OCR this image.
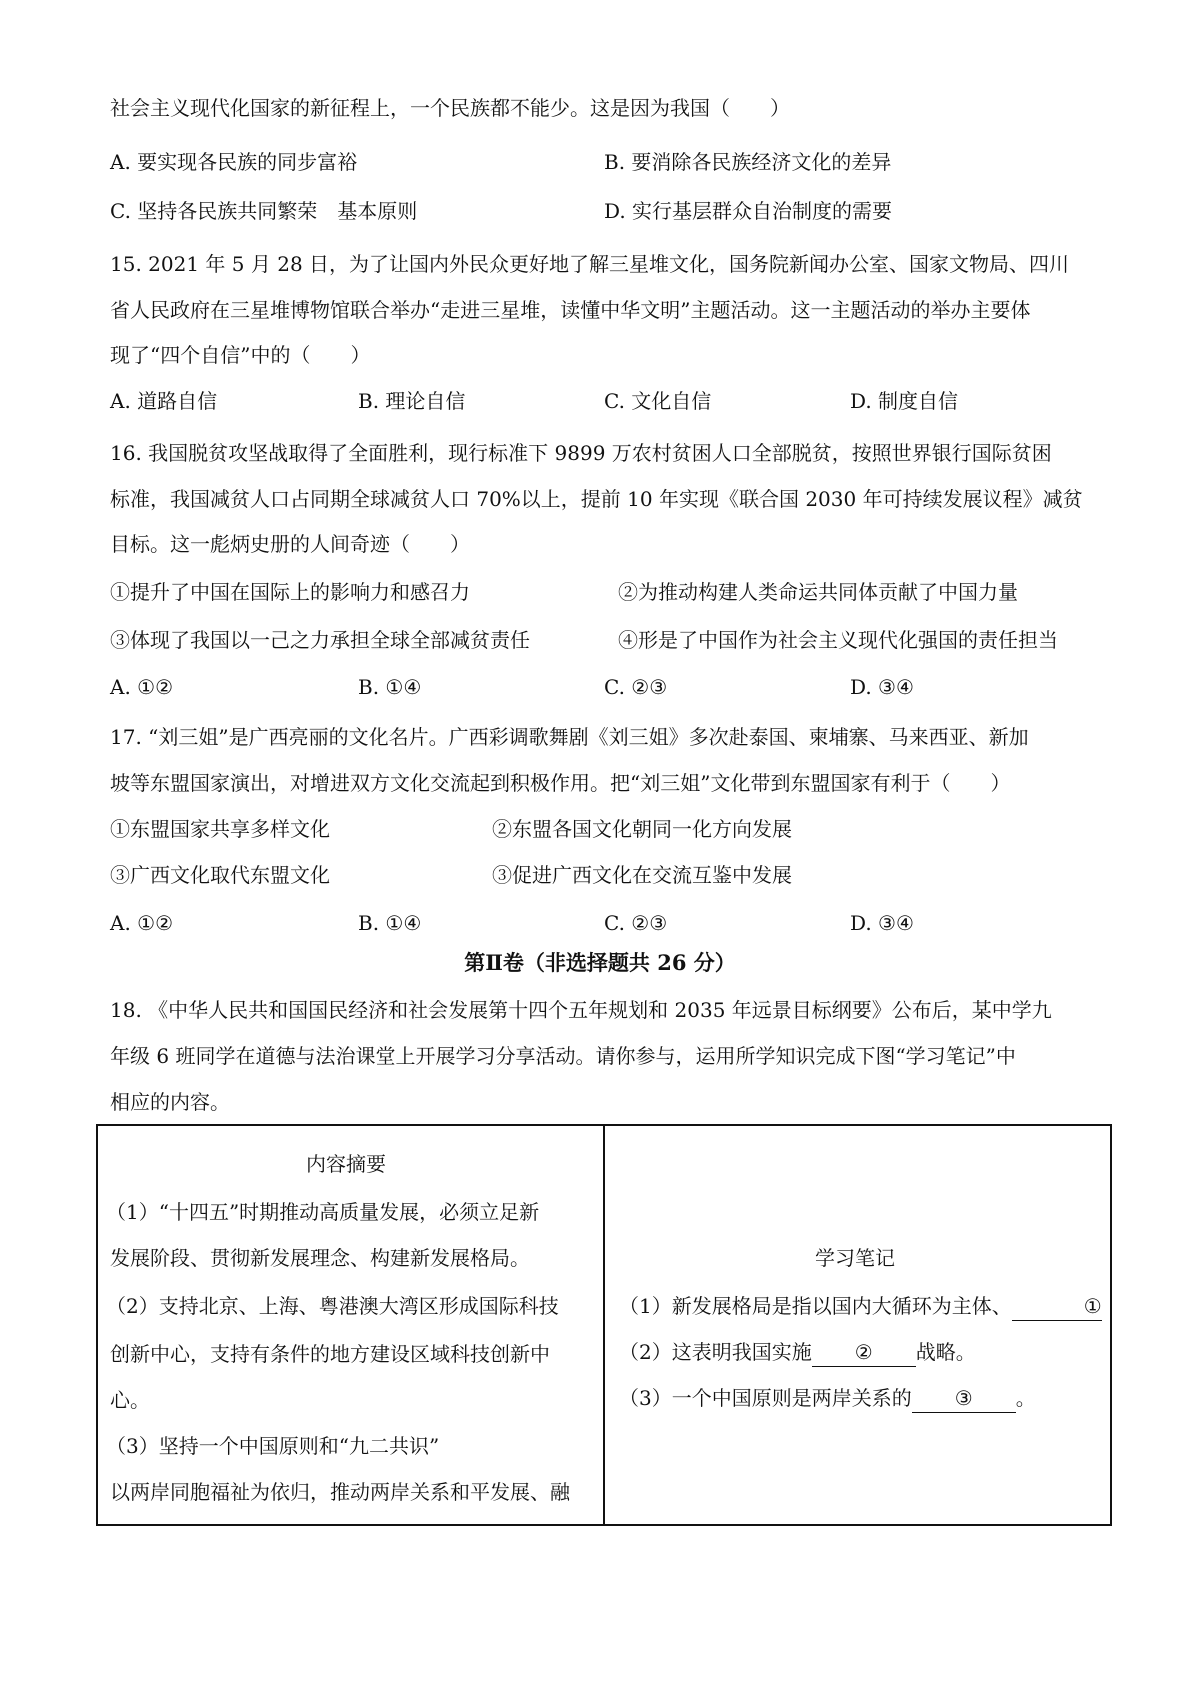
社会主义现代化国家的新征程上，一个民族都不能少。这是因为我国（　　）
A. 要实现各民族的同步富裕	B. 要消除各民族经济文化的差异
C. 坚持各民族共同繁荣　基本原则	D. 实行基层群众自治制度的需要
15. 2021 年 5 月 28 日，为了让国内外民众更好地了解三星堆文化，国务院新闻办公室、国家文物局、四川
省人民政府在三星堆博物馆联合举办“走进三星堆，读懂中华文明”主题活动。这一主题活动的举办主要体
现了“四个自信”中的（　　）
A. 道路自信	B. 理论自信	C. 文化自信	D. 制度自信
16. 我国脱贫攻坚战取得了全面胜利，现行标准下 9899 万农村贫困人口全部脱贫，按照世界银行国际贫困
标准，我国减贫人口占同期全球减贫人口 70%以上，提前 10 年实现《联合国 2030 年可持续发展议程》减贫
目标。这一彪炳史册的人间奇迹（　　）
①提升了中国在国际上的影响力和感召力	②为推动构建人类命运共同体贡献了中国力量
③体现了我国以一己之力承担全球全部减贫责任	④形是了中国作为社会主义现代化强国的责任担当
A. ①②	B. ①④	C. ②③	D. ③④
17. “刘三姐”是广西亮丽的文化名片。广西彩调歌舞剧《刘三姐》多次赴泰国、柬埔寨、马来西亚、新加
坡等东盟国家演出，对增进双方文化交流起到积极作用。把“刘三姐”文化带到东盟国家有利于（　　）
①东盟国家共享多样文化	②东盟各国文化朝同一化方向发展
③广西文化取代东盟文化	③促进广西文化在交流互鉴中发展
A. ①②	B. ①④	C. ②③	D. ③④
第Ⅱ卷（非选择题共 26 分）
18. 《中华人民共和国国民经济和社会发展第十四个五年规划和 2035 年远景目标纲要》公布后，某中学九
年级 6 班同学在道德与法治课堂上开展学习分享活动。请你参与，运用所学知识完成下图“学习笔记”中
相应的内容。
内容摘要
（1）“十四五”时期推动高质量发展，必须立足新
发展阶段、贯彻新发展理念、构建新发展格局。
（2）支持北京、上海、粤港澳大湾区形成国际科技
创新中心，支持有条件的地方建设区域科技创新中
心。
（3）坚持一个中国原则和“九二共识”
以两岸同胞福祉为依归，推动两岸关系和平发展、融

学习笔记
（1）新发展格局是指以国内大循环为主体、	①
（2）这表明我国实施 ② 战略。
（3）一个中国原则是两岸关系的 ③ 。
